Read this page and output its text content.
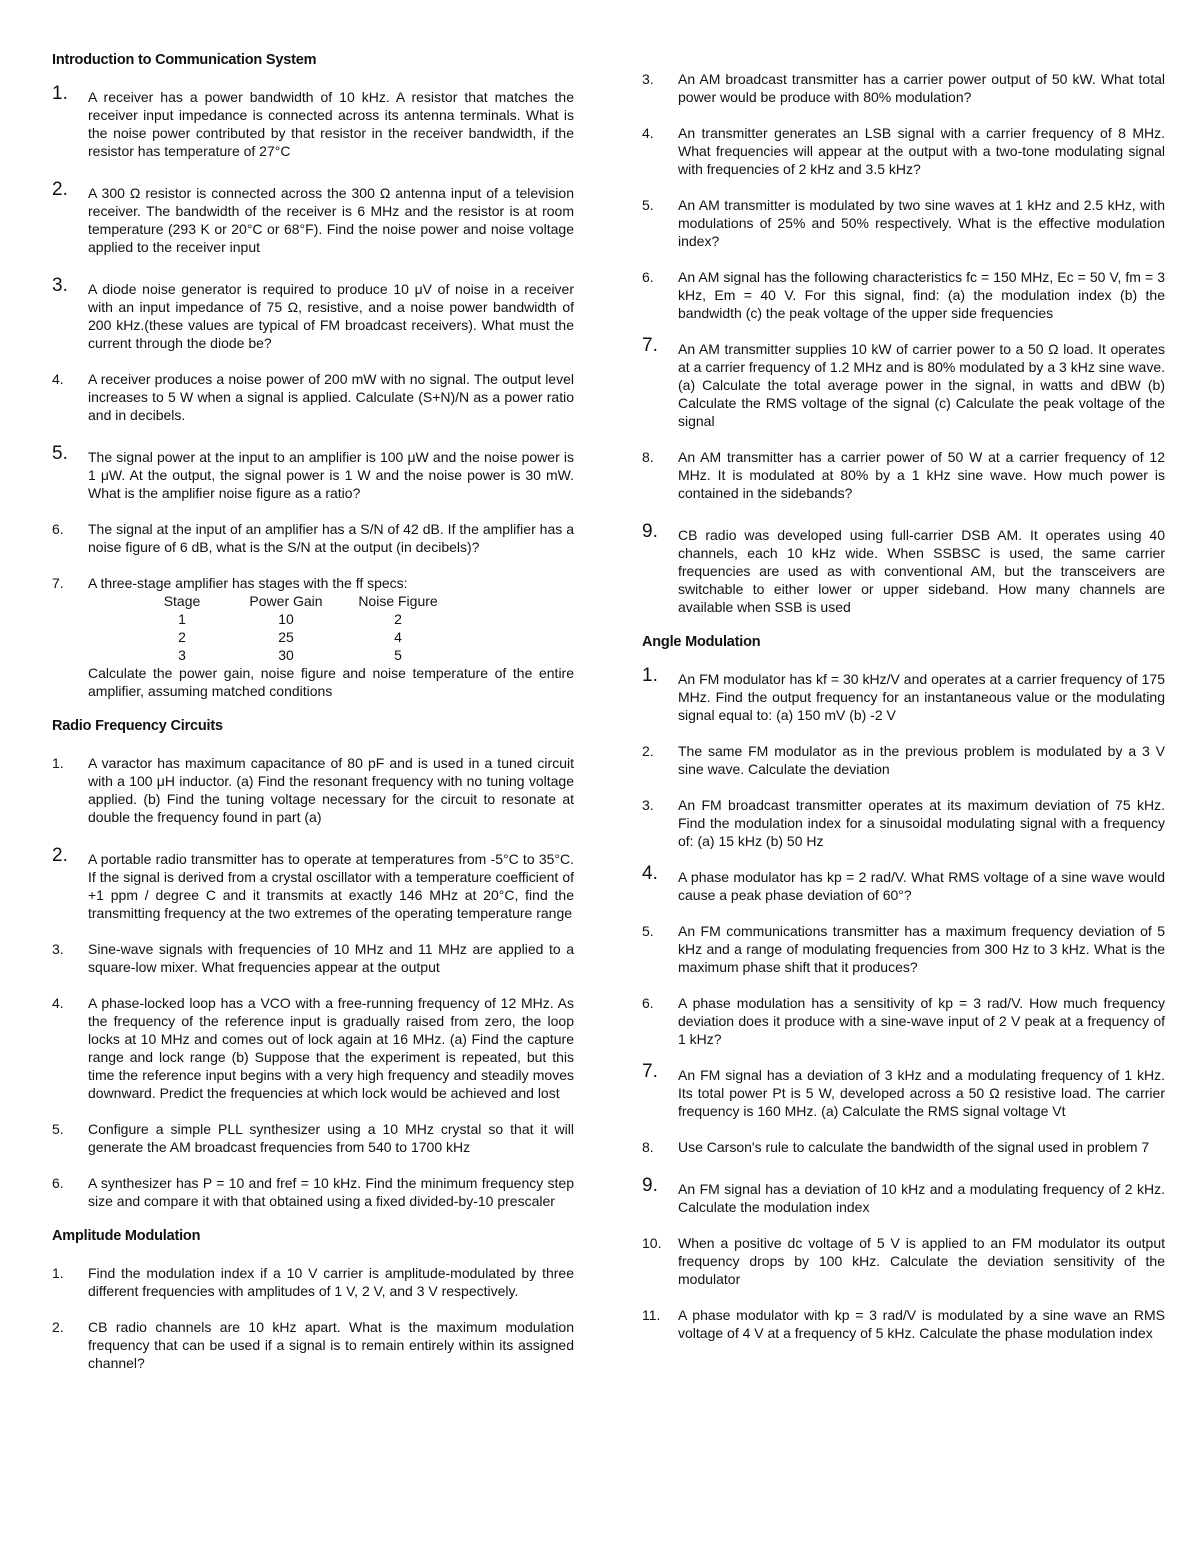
Introduction to Communication System
1. A receiver has a power bandwidth of 10 kHz. A resistor that matches the receiver input impedance is connected across its antenna terminals. What is the noise power contributed by that resistor in the receiver bandwidth, if the resistor has temperature of 27°C
2. A 300 Ω resistor is connected across the 300 Ω antenna input of a television receiver. The bandwidth of the receiver is 6 MHz and the resistor is at room temperature (293 K or 20°C or 68°F). Find the noise power and noise voltage applied to the receiver input
3. A diode noise generator is required to produce 10 μV of noise in a receiver with an input impedance of 75 Ω, resistive, and a noise power bandwidth of 200 kHz.(these values are typical of FM broadcast receivers). What must the current through the diode be?
4. A receiver produces a noise power of 200 mW with no signal. The output level increases to 5 W when a signal is applied. Calculate (S+N)/N as a power ratio and in decibels.
5. The signal power at the input to an amplifier is 100 μW and the noise power is 1 μW. At the output, the signal power is 1 W and the noise power is 30 mW. What is the amplifier noise figure as a ratio?
6. The signal at the input of an amplifier has a S/N of 42 dB. If the amplifier has a noise figure of 6 dB, what is the S/N at the output (in decibels)?
7. A three-stage amplifier has stages with the ff specs:
Stage	Power Gain	Noise Figure
1	10	2
2	25	4
3	30	5
Calculate the power gain, noise figure and noise temperature of the entire amplifier, assuming matched conditions
Radio Frequency Circuits
1. A varactor has maximum capacitance of 80 pF and is used in a tuned circuit with a 100 μH inductor. (a) Find the resonant frequency with no tuning voltage applied. (b) Find the tuning voltage necessary for the circuit to resonate at double the frequency found in part (a)
2. A portable radio transmitter has to operate at temperatures from -5°C to 35°C. If the signal is derived from a crystal oscillator with a temperature coefficient of +1 ppm / degree C and it transmits at exactly 146 MHz at 20°C, find the transmitting frequency at the two extremes of the operating temperature range
3. Sine-wave signals with frequencies of 10 MHz and 11 MHz are applied to a square-low mixer. What frequencies appear at the output
4. A phase-locked loop has a VCO with a free-running frequency of 12 MHz. As the frequency of the reference input is gradually raised from zero, the loop locks at 10 MHz and comes out of lock again at 16 MHz. (a) Find the capture range and lock range (b) Suppose that the experiment is repeated, but this time the reference input begins with a very high frequency and steadily moves downward. Predict the frequencies at which lock would be achieved and lost
5. Configure a simple PLL synthesizer using a 10 MHz crystal so that it will generate the AM broadcast frequencies from 540 to 1700 kHz
6. A synthesizer has P = 10 and fref = 10 kHz. Find the minimum frequency step size and compare it with that obtained using a fixed divided-by-10 prescaler
Amplitude Modulation
1. Find the modulation index if a 10 V carrier is amplitude-modulated by three different frequencies with amplitudes of 1 V, 2 V, and 3 V respectively.
2. CB radio channels are 10 kHz apart. What is the maximum modulation frequency that can be used if a signal is to remain entirely within its assigned channel?
3. An AM broadcast transmitter has a carrier power output of 50 kW. What total power would be produce with 80% modulation?
4. An transmitter generates an LSB signal with a carrier frequency of 8 MHz. What frequencies will appear at the output with a two-tone modulating signal with frequencies of 2 kHz and 3.5 kHz?
5. An AM transmitter is modulated by two sine waves at 1 kHz and 2.5 kHz, with modulations of 25% and 50% respectively. What is the effective modulation index?
6. An AM signal has the following characteristics fc = 150 MHz, Ec = 50 V, fm = 3 kHz, Em = 40 V. For this signal, find: (a) the modulation index (b) the bandwidth (c) the peak voltage of the upper side frequencies
7. An AM transmitter supplies 10 kW of carrier power to a 50 Ω load. It operates at a carrier frequency of 1.2 MHz and is 80% modulated by a 3 kHz sine wave. (a) Calculate the total average power in the signal, in watts and dBW (b) Calculate the RMS voltage of the signal (c) Calculate the peak voltage of the signal
8. An AM transmitter has a carrier power of 50 W at a carrier frequency of 12 MHz. It is modulated at 80% by a 1 kHz sine wave. How much power is contained in the sidebands?
9. CB radio was developed using full-carrier DSB AM. It operates using 40 channels, each 10 kHz wide. When SSBSC is used, the same carrier frequencies are used as with conventional AM, but the transceivers are switchable to either lower or upper sideband. How many channels are available when SSB is used
Angle Modulation
1. An FM modulator has kf = 30 kHz/V and operates at a carrier frequency of 175 MHz. Find the output frequency for an instantaneous value or the modulating signal equal to: (a) 150 mV (b) -2 V
2. The same FM modulator as in the previous problem is modulated by a 3 V sine wave. Calculate the deviation
3. An FM broadcast transmitter operates at its maximum deviation of 75 kHz. Find the modulation index for a sinusoidal modulating signal with a frequency of: (a) 15 kHz (b) 50 Hz
4. A phase modulator has kp = 2 rad/V. What RMS voltage of a sine wave would cause a peak phase deviation of 60°?
5. An FM communications transmitter has a maximum frequency deviation of 5 kHz and a range of modulating frequencies from 300 Hz to 3 kHz. What is the maximum phase shift that it produces?
6. A phase modulation has a sensitivity of kp = 3 rad/V. How much frequency deviation does it produce with a sine-wave input of 2 V peak at a frequency of 1 kHz?
7. An FM signal has a deviation of 3 kHz and a modulating frequency of 1 kHz. Its total power Pt is 5 W, developed across a 50 Ω resistive load. The carrier frequency is 160 MHz. (a) Calculate the RMS signal voltage Vt
8. Use Carson's rule to calculate the bandwidth of the signal used in problem 7
9. An FM signal has a deviation of 10 kHz and a modulating frequency of 2 kHz. Calculate the modulation index
10. When a positive dc voltage of 5 V is applied to an FM modulator its output frequency drops by 100 kHz. Calculate the deviation sensitivity of the modulator
11. A phase modulator with kp = 3 rad/V is modulated by a sine wave an RMS voltage of 4 V at a frequency of 5 kHz. Calculate the phase modulation index
